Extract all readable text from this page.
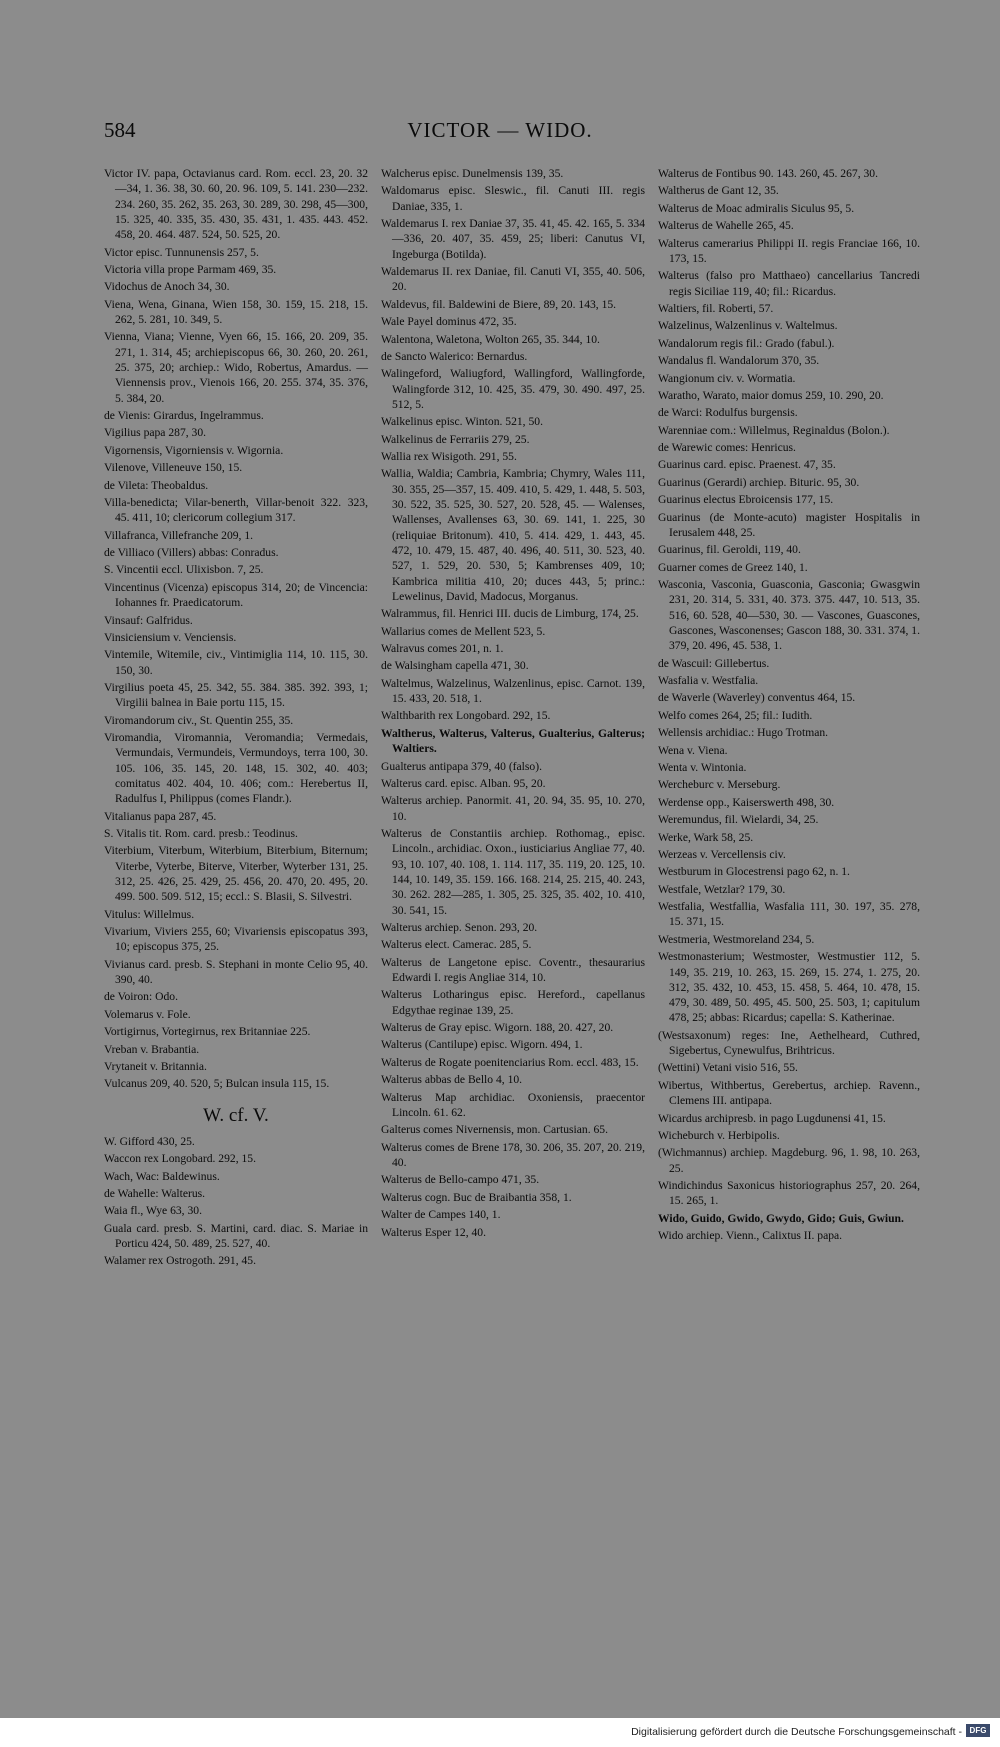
584	VICTOR — WIDO.

Victor IV. papa, Octavianus card. Rom. eccl. 23, 20. 32—34, 1. 36. 38, 30. 60, 20. 96. 109, 5. 141. 230—232. 234. 260, 35. 262, 35. 263, 30. 289, 30. 298, 45—300, 15. 325, 40. 335, 35. 430, 35. 431, 1. 435. 443. 452. 458, 20. 464. 487. 524, 50. 525, 20.

Victor episc. Tunnunensis 257, 5.

Victoria villa prope Parmam 469, 35.

Vidochus de Anoch 34, 30.

Viena, Wena, Ginana, Wien 158, 30. 159, 15. 218, 15. 262, 5. 281, 10. 349, 5.

Vienna, Viana; Vienne, Vyen 66, 15. 166, 20. 209, 35. 271, 1. 314, 45; archiepiscopus 66, 30. 260, 20. 261, 25. 375, 20; archiep.: Wido, Robertus, Amardus. — Viennensis prov., Vienois 166, 20. 255. 374, 35. 376, 5. 384, 20.

de Vienis: Girardus, Ingelrammus.

Vigilius papa 287, 30.

Vigornensis, Vigorniensis v. Wigornia.

Vilenove, Villeneuve 150, 15.

de Vileta: Theobaldus.

Villa-benedicta; Vilar-benerth, Villar-benoit 322. 323, 45. 411, 10; clericorum collegium 317.

Villafranca, Villefranche 209, 1.

de Villiaco (Villers) abbas: Conradus.

S. Vincentii eccl. Ulixisbon. 7, 25.

Vincentinus (Vicenza) episcopus 314, 20; de Vincencia: Iohannes fr. Praedicatorum.

Vinsauf: Galfridus.

Vinsiciensium v. Venciensis.

Vintemile, Witemile, civ., Vintimiglia 114, 10. 115, 30. 150, 30.

Virgilius poeta 45, 25. 342, 55. 384. 385. 392. 393, 1; Virgilii balnea in Baie portu 115, 15.

Viromandorum civ., St. Quentin 255, 35.

Viromandia, Viromannia, Veromandia; Vermedais, Vermundais, Vermundeis, Vermundoys, terra 100, 30. 105. 106, 35. 145, 20. 148, 15. 302, 40. 403; comitatus 402. 404, 10. 406; com.: Herebertus II, Radulfus I, Philippus (comes Flandr.).

Vitalianus papa 287, 45.

S. Vitalis tit. Rom. card. presb.: Teodinus.

Viterbium, Viterbum, Witerbium, Biterbium, Biternum; Viterbe, Vyterbe, Biterve, Viterber, Wyterber 131, 25. 312, 25. 426, 25. 429, 25. 456, 20. 470, 20. 495, 20. 499. 500. 509. 512, 15; eccl.: S. Blasii, S. Silvestri.

Vitulus: Willelmus.

Vivarium, Viviers 255, 60; Vivariensis episcopatus 393, 10; episcopus 375, 25.

Vivianus card. presb. S. Stephani in monte Celio 95, 40. 390, 40.

de Voiron: Odo.

Volemarus v. Fole.

Vortigirnus, Vortegirnus, rex Britanniae 225.

Vreban v. Brabantia.

Vrytaneit v. Britannia.

Vulcanus 209, 40. 520, 5; Bulcan insula 115, 15.

W. cf. V.

W. Gifford 430, 25.

Waccon rex Longobard. 292, 15.

Wach, Wac: Baldewinus.

de Wahelle: Walterus.

Waia fl., Wye 63, 30.

Guala card. presb. S. Martini, card. diac. S. Mariae in Porticu 424, 50. 489, 25. 527, 40.

Walamer rex Ostrogoth. 291, 45.

Walcherus episc. Dunelmensis 139, 35.

Waldomarus episc. Sleswic., fil. Canuti III. regis Daniae, 335, 1.

Waldemarus I. rex Daniae 37, 35. 41, 45. 42. 165, 5. 334—336, 20. 407, 35. 459, 25; liberi: Canutus VI, Ingeburga (Botilda).

Waldemarus II. rex Daniae, fil. Canuti VI, 355, 40. 506, 20.

Waldevus, fil. Baldewini de Biere, 89, 20. 143, 15.

Wale Payel dominus 472, 35.

Walentona, Waletona, Wolton 265, 35. 344, 10.

de Sancto Walerico: Bernardus.

Walingeford, Waliugford, Wallingford, Wallingforde, Walingforde 312, 10. 425, 35. 479, 30. 490. 497, 25. 512, 5.

Walkelinus episc. Winton. 521, 50.

Walkelinus de Ferrariis 279, 25.

Wallia rex Wisigoth. 291, 55.

Wallia, Waldia; Cambria, Kambria; Chymry, Wales 111, 30. 355, 25—357, 15. 409. 410, 5. 429, 1. 448, 5. 503, 30. 522, 35. 525, 30. 527, 20. 528, 45. — Walenses, Wallenses, Avallenses 63, 30. 69. 141, 1. 225, 30 (reliquiae Britonum). 410, 5. 414. 429, 1. 443, 45. 472, 10. 479, 15. 487, 40. 496, 40. 511, 30. 523, 40. 527, 1. 529, 20. 530, 5; Kambrenses 409, 10; Kambrica militia 410, 20; duces 443, 5; princ.: Lewelinus, David, Madocus, Morganus.

Walrammus, fil. Henrici III. ducis de Limburg, 174, 25.

Wallarius comes de Mellent 523, 5.

Walravus comes 201, n. 1.

de Walsingham capella 471, 30.

Waltelmus, Walzelinus, Walzenlinus, episc. Carnot. 139, 15. 433, 20. 518, 1.

Walthbarith rex Longobard. 292, 15.

Waltherus, Walterus, Valterus, Gualterius, Galterus; Waltiers.

Gualterus antipapa 379, 40 (falso).

Walterus card. episc. Alban. 95, 20.

Walterus archiep. Panormit. 41, 20. 94, 35. 95, 10. 270, 10.

Walterus de Constantiis archiep. Rothomag., episc. Lincoln., archidiac. Oxon., iusticiarius Angliae 77, 40. 93, 10. 107, 40. 108, 1. 114. 117, 35. 119, 20. 125, 10. 144, 10. 149, 35. 159. 166. 168. 214, 25. 215, 40. 243, 30. 262. 282—285, 1. 305, 25. 325, 35. 402, 10. 410, 30. 541, 15.

Walterus archiep. Senon. 293, 20.

Walterus elect. Camerac. 285, 5.

Walterus de Langetone episc. Coventr., thesaurarius Edwardi I. regis Angliae 314, 10.

Walterus Lotharingus episc. Hereford., capellanus Edgythae reginae 139, 25.

Walterus de Gray episc. Wigorn. 188, 20. 427, 20.

Walterus (Cantilupe) episc. Wigorn. 494, 1.

Walterus de Rogate poenitenciarius Rom. eccl. 483, 15.

Walterus abbas de Bello 4, 10.

Walterus Map archidiac. Oxoniensis, praecentor Lincoln. 61. 62.

Galterus comes Nivernensis, mon. Cartusian. 65.

Walterus comes de Brene 178, 30. 206, 35. 207, 20. 219, 40.

Walterus de Bello-campo 471, 35.

Walterus cogn. Buc de Braibantia 358, 1.

Walter de Campes 140, 1.

Walterus Esper 12, 40.

Walterus de Fontibus 90. 143. 260, 45. 267, 30.

Waltherus de Gant 12, 35.

Walterus de Moac admiralis Siculus 95, 5.

Walterus de Wahelle 265, 45.

Walterus camerarius Philippi II. regis Franciae 166, 10. 173, 15.

Walterus (falso pro Matthaeo) cancellarius Tancredi regis Siciliae 119, 40; fil.: Ricardus.

Waltiers, fil. Roberti, 57.

Walzelinus, Walzenlinus v. Waltelmus.

Wandalorum regis fil.: Grado (fabul.).

Wandalus fl. Wandalorum 370, 35.

Wangionum civ. v. Wormatia.

Waratho, Warato, maior domus 259, 10. 290, 20.

de Warci: Rodulfus burgensis.

Warenniae com.: Willelmus, Reginaldus (Bolon.).

de Warewic comes: Henricus.

Guarinus card. episc. Praenest. 47, 35.

Guarinus (Gerardi) archiep. Bituric. 95, 30.

Guarinus electus Ebroicensis 177, 15.

Guarinus (de Monte-acuto) magister Hospitalis in Ierusalem 448, 25.

Guarinus, fil. Geroldi, 119, 40.

Guarner comes de Greez 140, 1.

Wasconia, Vasconia, Guasconia, Gasconia; Gwasgwin 231, 20. 314, 5. 331, 40. 373. 375. 447, 10. 513, 35. 516, 60. 528, 40—530, 30. — Vascones, Guascones, Gascones, Wasconenses; Gascon 188, 30. 331. 374, 1. 379, 20. 496, 45. 538, 1.

de Wascuil: Gillebertus.

Wasfalia v. Westfalia.

de Waverle (Waverley) conventus 464, 15.

Welfo comes 264, 25; fil.: Iudith.

Wellensis archidiac.: Hugo Trotman.

Wena v. Viena.

Wenta v. Wintonia.

Wercheburc v. Merseburg.

Werdense opp., Kaiserswerth 498, 30.

Weremundus, fil. Wielardi, 34, 25.

Werke, Wark 58, 25.

Werzeas v. Vercellensis civ.

Westburum in Glocestrensi pago 62, n. 1.

Westfale, Wetzlar? 179, 30.

Westfalia, Westfallia, Wasfalia 111, 30. 197, 35. 278, 15. 371, 15.

Westmeria, Westmoreland 234, 5.

Westmonasterium; Westmoster, Westmustier 112, 5. 149, 35. 219, 10. 263, 15. 269, 15. 274, 1. 275, 20. 312, 35. 432, 10. 453, 15. 458, 5. 464, 10. 478, 15. 479, 30. 489, 50. 495, 45. 500, 25. 503, 1; capitulum 478, 25; abbas: Ricardus; capella: S. Katherinae.

(Westsaxonum) reges: Ine, Aethelheard, Cuthred, Sigebertus, Cynewulfus, Brihtricus.

(Wettini) Vetani visio 516, 55.

Wibertus, Withbertus, Gerebertus, archiep. Ravenn., Clemens III. antipapa.

Wicardus archipresb. in pago Lugdunensi 41, 15.

Wicheburch v. Herbipolis.

(Wichmannus) archiep. Magdeburg. 96, 1. 98, 10. 263, 25.

Windichindus Saxonicus historiographus 257, 20. 264, 15. 265, 1.

Wido, Guido, Gwido, Gwydo, Gido; Guis, Gwiun.

Wido archiep. Vienn., Calixtus II. papa.

Digitalisierung gefördert durch die Deutsche Forschungsgemeinschaft - DFG
